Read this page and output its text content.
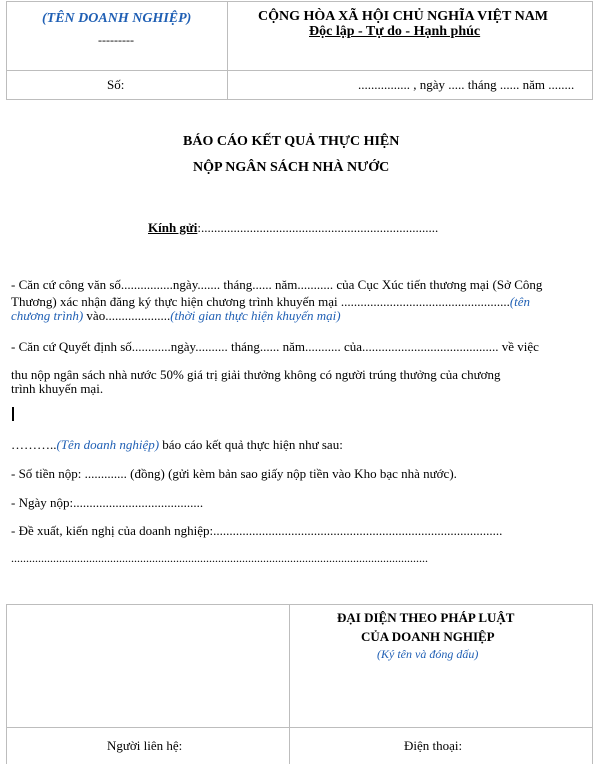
(TÊN DOANH NGHIỆP)
---------
CỘNG HÒA XÃ HỘI CHỦ NGHĨA VIỆT NAM
Độc lập - Tự do - Hạnh phúc
Số:	................ , ngày ..... tháng ...... năm ........
BÁO CÁO KẾT QUẢ THỰC HIỆN
NỘP NGÂN SÁCH NHÀ NƯỚC
Kính gửi:.........................................................................
- Căn cứ công văn số................ngày....... tháng...... năm........... của Cục Xúc tiến thương mại (Sở Công
Thương) xác nhận đăng ký thực hiện chương trình khuyến mại ....................................................(tên
chương trình) vào....................(thời gian thực hiện khuyến mại)
- Căn cứ Quyết định số............ngày.......... tháng...... năm........... của.......................................... về việc
thu nộp ngân sách nhà nước 50% giá trị giải thưởng không có người trúng thưởng của chương
trình khuyến mại.
………..(Tên doanh nghiệp) báo cáo kết quả thực hiện như sau:
- Số tiền nộp: ............. (đồng) (gửi kèm bản sao giấy nộp tiền vào Kho bạc nhà nước).
- Ngày nộp:........................................
- Đề xuất, kiến nghị của doanh nghiệp:.........................................................................................
...........................................................................................................................................
ĐẠI DIỆN THEO PHÁP LUẬT
CỦA DOANH NGHIỆP
(Ký tên và đóng dấu)
Người liên hệ:	Điện thoại:
